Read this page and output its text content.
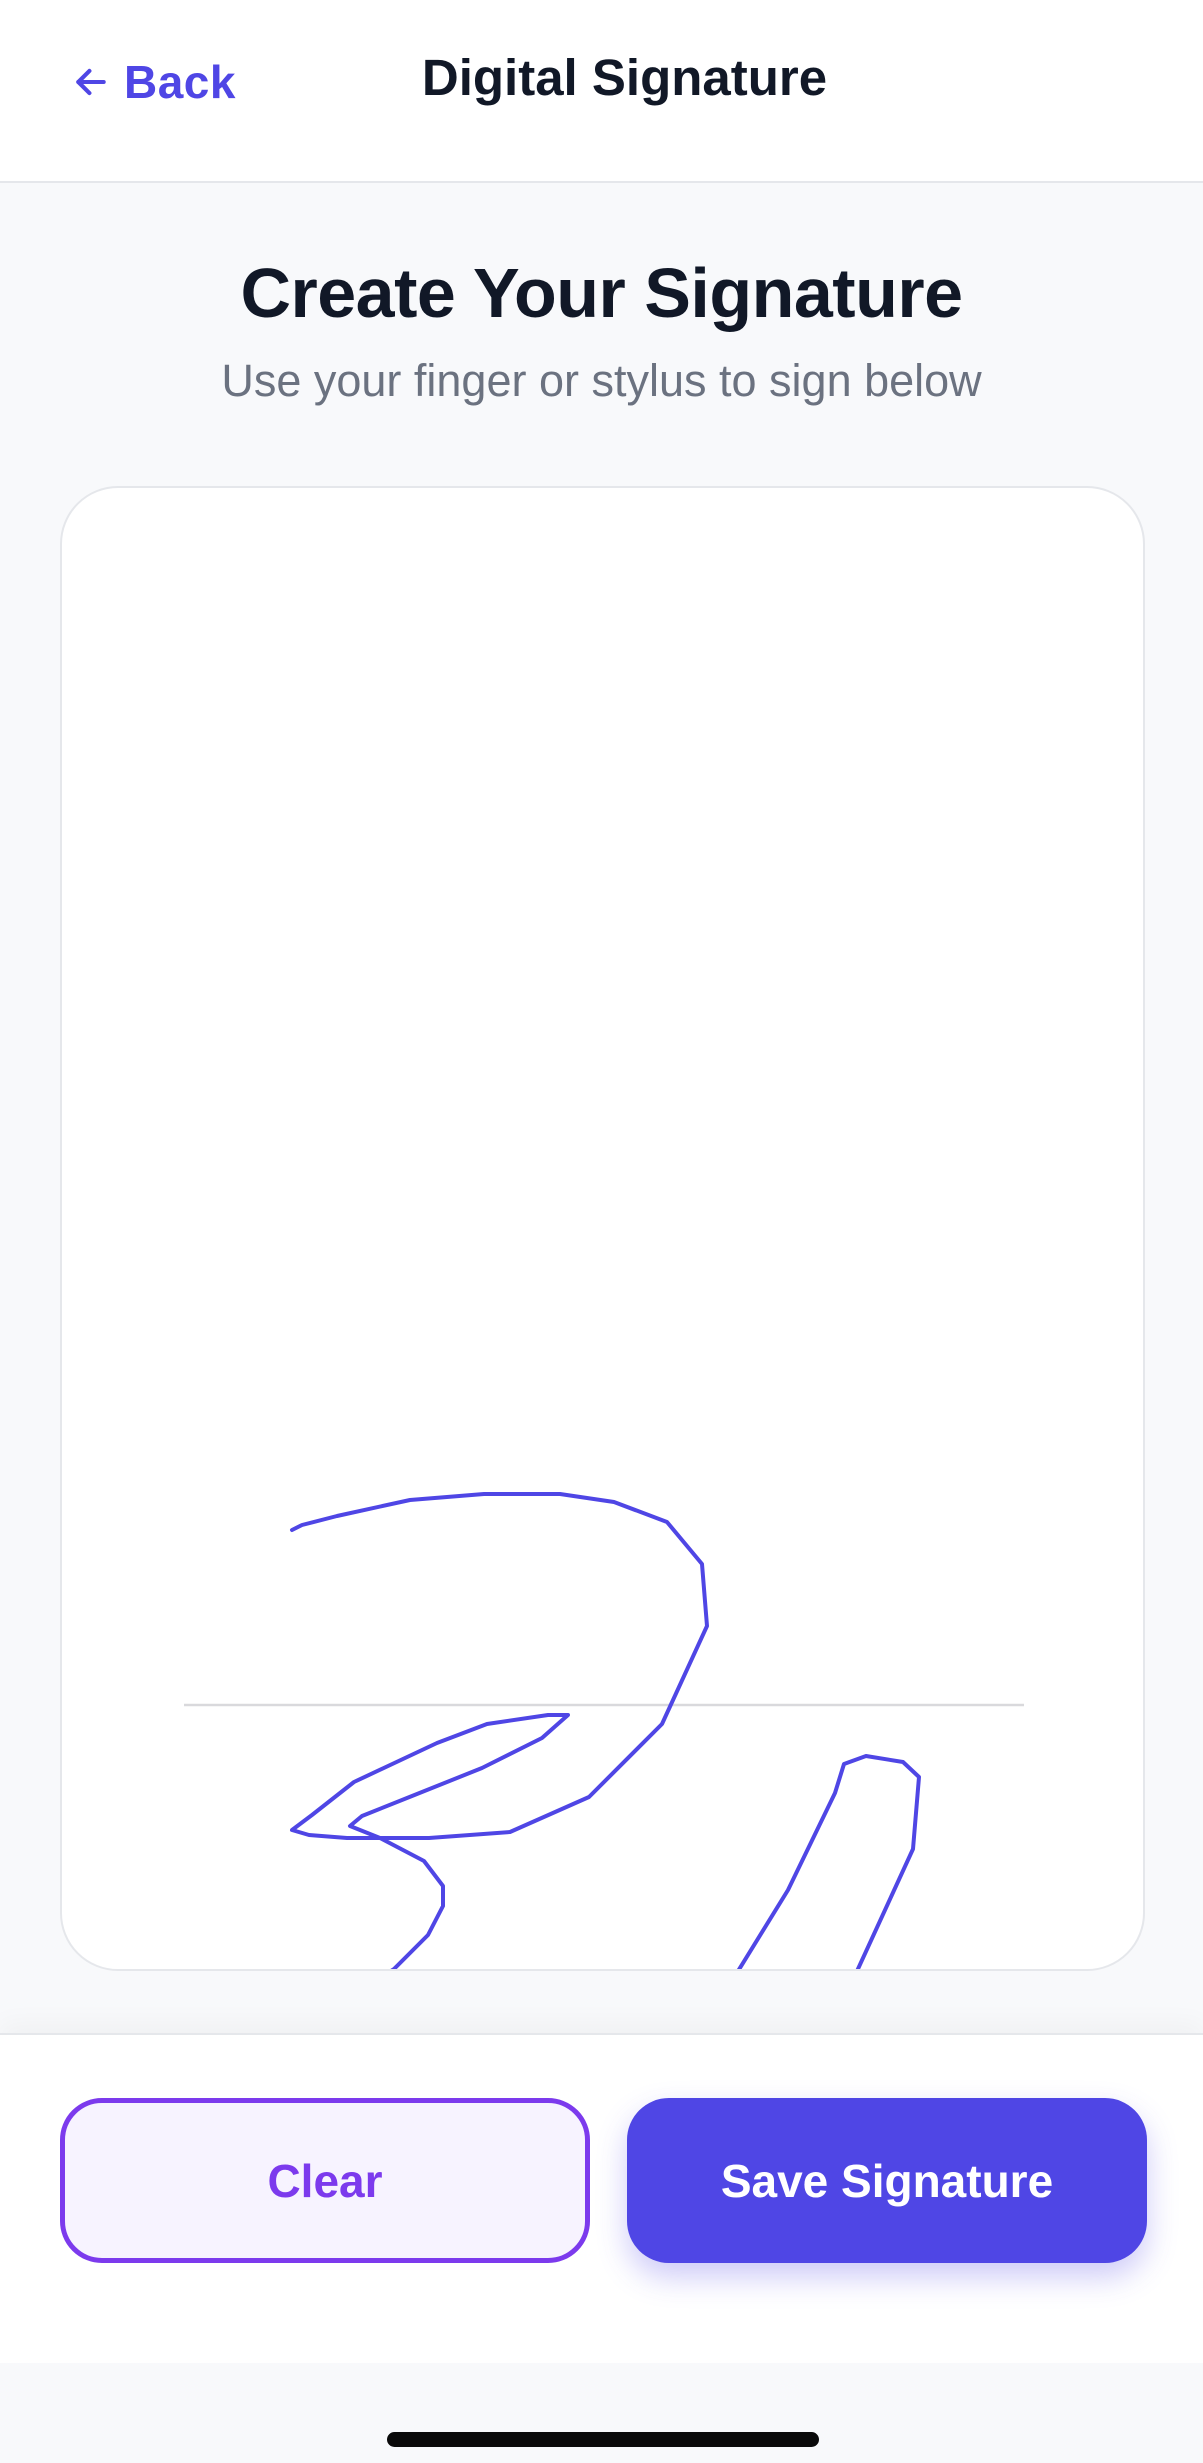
Back	Digital Signature
Create Your Signature
Use your finger or stylus to sign below
Clear	Save Signature
